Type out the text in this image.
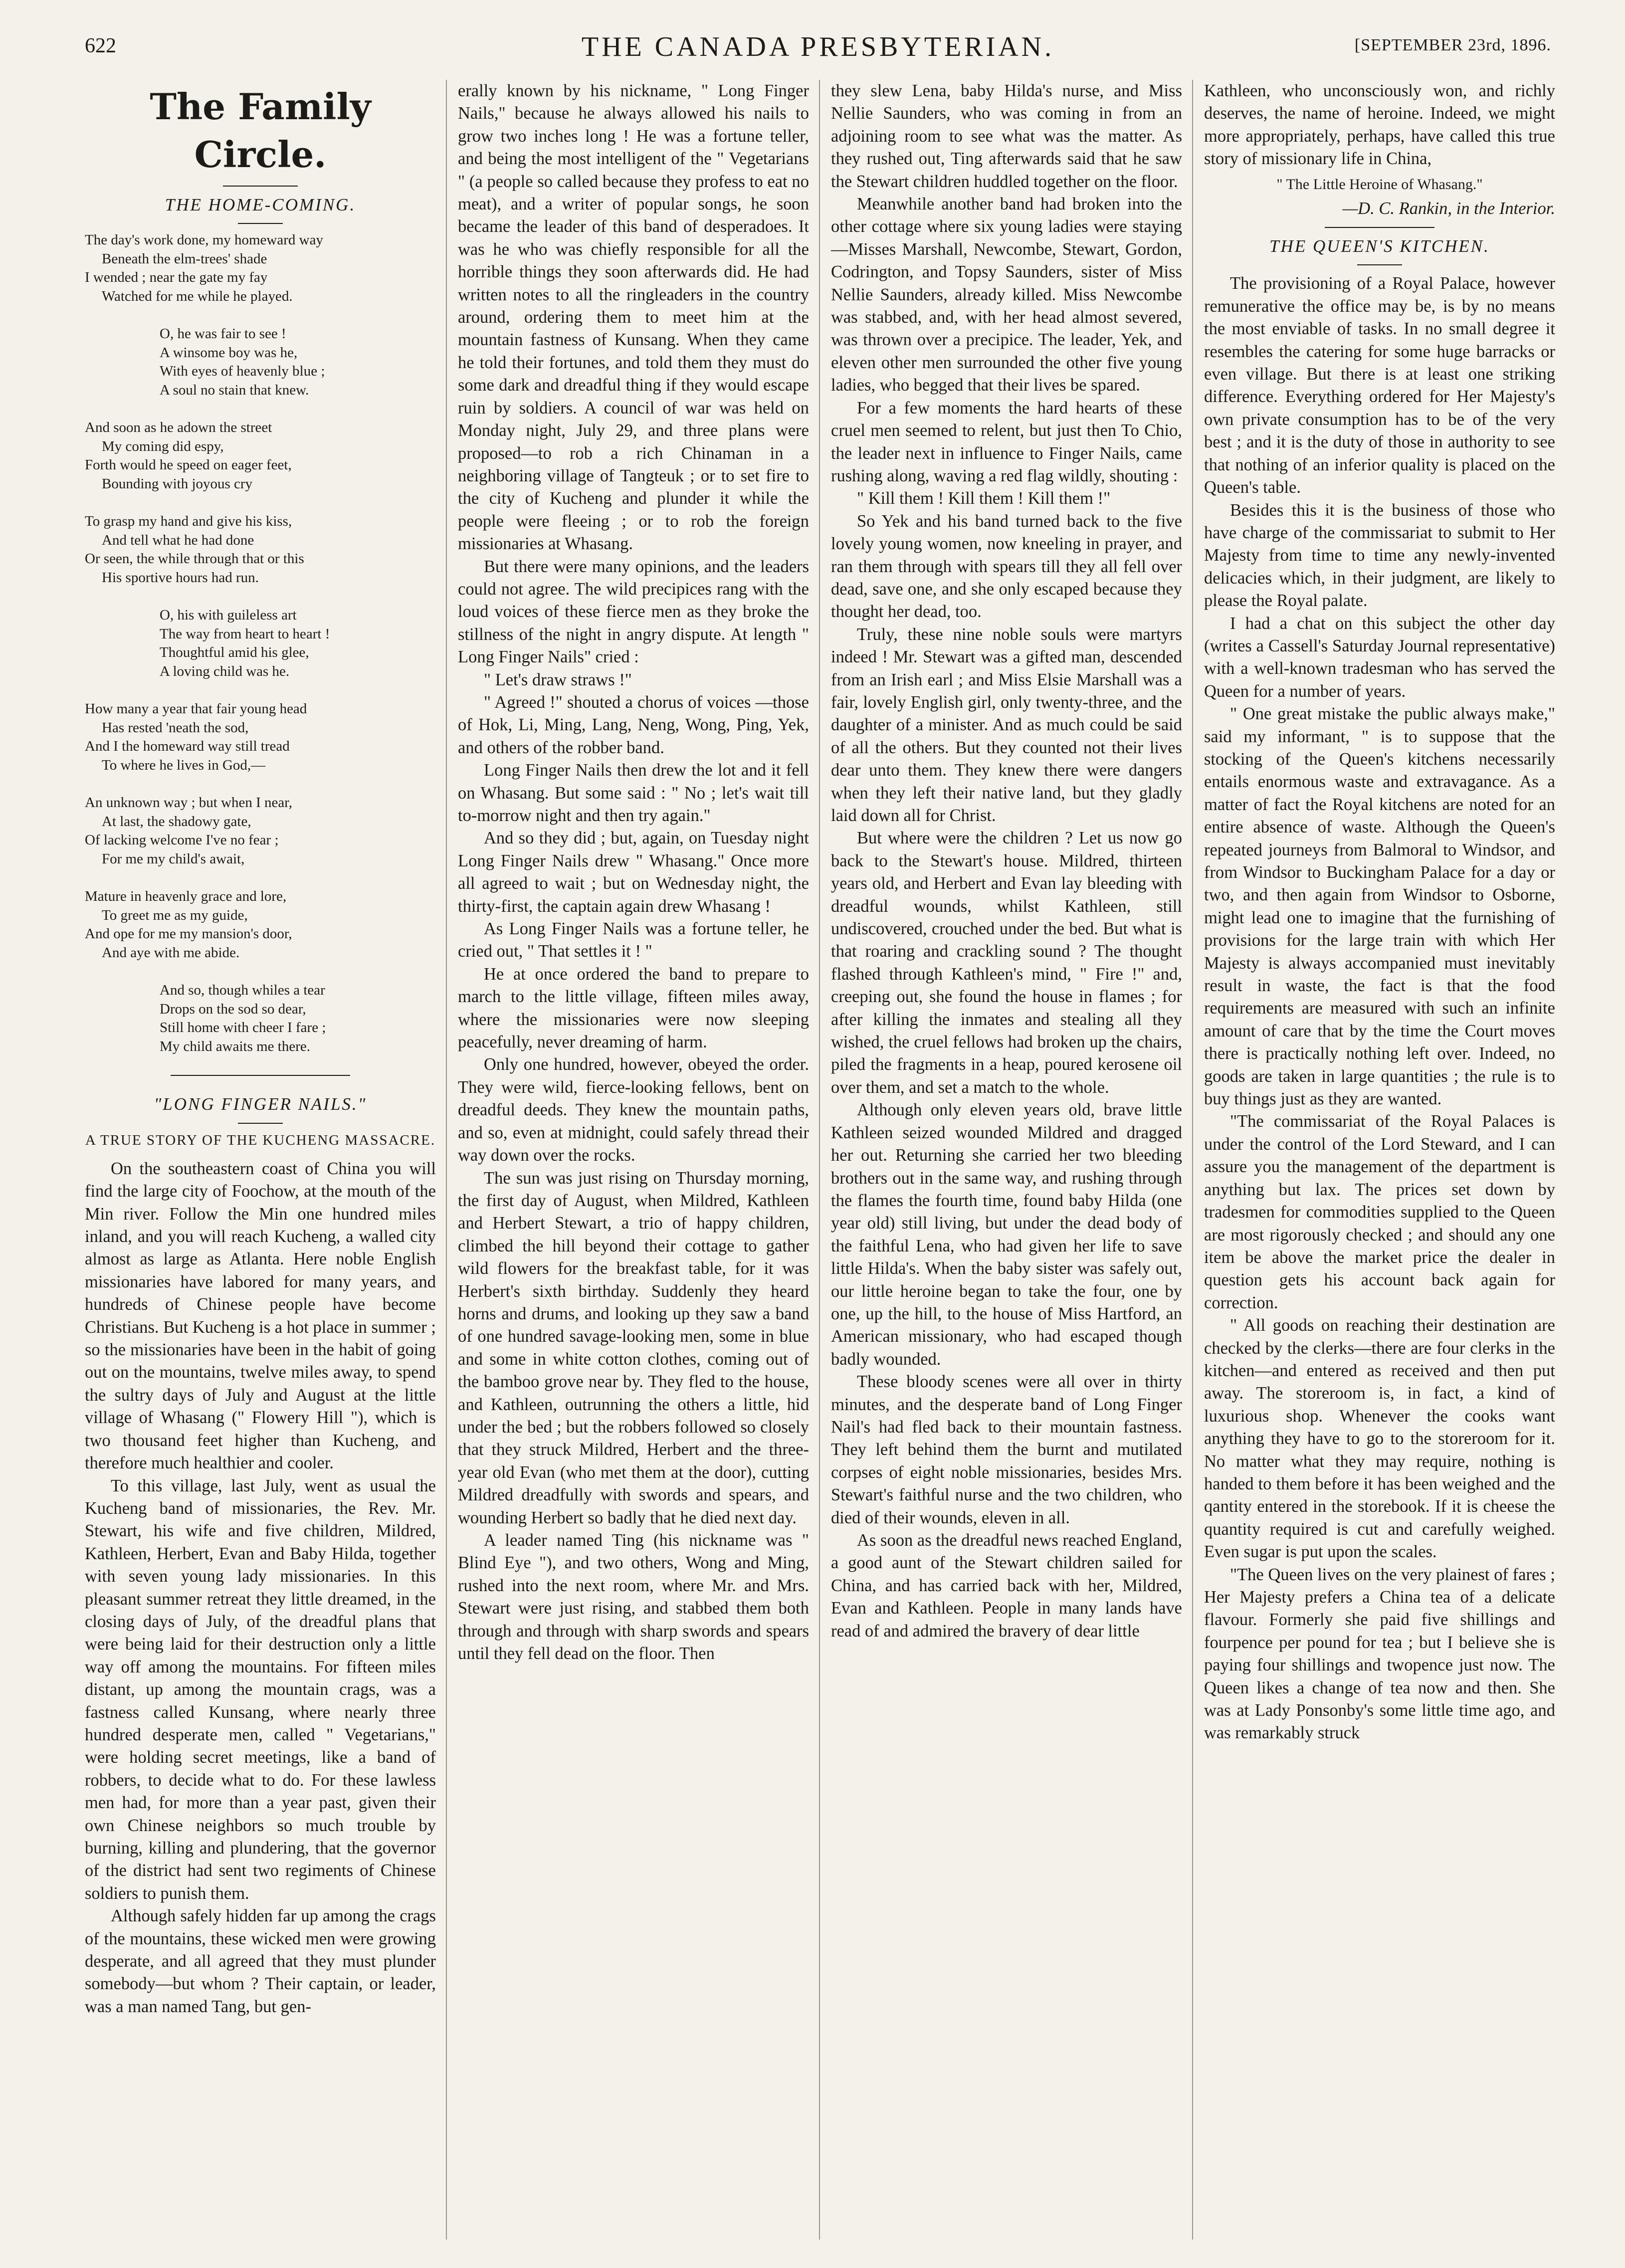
622	THE CANADA PRESBYTERIAN.	[SEPTEMBER 23rd, 1896.
The Family Circle.
THE HOME-COMING.
The day's work done, my homeward way
Beneath the elm-trees' shade
I wended ; near the gate my fay
Watched for me while he played.
O, he was fair to see !
A winsome boy was he,
With eyes of heavenly blue ;
A soul no stain that knew.
And soon as he adown the street
My coming did espy,
Forth would he speed on eager feet,
Bounding with joyous cry
To grasp my hand and give his kiss,
And tell what he had done
Or seen, the while through that or this
His sportive hours had run.
O, his with guileless art
The way from heart to heart !
Thoughtful amid his glee,
A loving child was he.
How many a year that fair young head
Has rested 'neath the sod,
And I the homeward way still tread
To where he lives in God,—
An unknown way ; but when I near,
At last, the shadowy gate,
Of lacking welcome I've no fear ;
For me my child's await,
Mature in heavenly grace and lore,
To greet me as my guide,
And ope for me my mansion's door,
And aye with me abide.
And so, though whiles a tear
Drops on the sod so dear,
Still home with cheer I fare ;
My child awaits me there.
"LONG FINGER NAILS."
A TRUE STORY OF THE KUCHENG MASSACRE.

On the southeastern coast of China you will find the large city of Foochow, at the mouth of the Min river. Follow the Min one hundred miles inland, and you will reach Kucheng, a walled city almost as large as Atlanta. Here noble English missionaries have labored for many years, and hundreds of Chinese people have become Christians. But Kucheng is a hot place in summer ; so the missionaries have been in the habit of going out on the mountains, twelve miles away, to spend the sultry days of July and August at the little village of Whasang (" Flowery Hill "), which is two thousand feet higher than Kucheng, and therefore much healthier and cooler.

To this village, last July, went as usual the Kucheng band of missionaries, the Rev. Mr. Stewart, his wife and five children, Mildred, Kathleen, Herbert, Evan and Baby Hilda, together with seven young lady missionaries. In this pleasant summer retreat they little dreamed, in the closing days of July, of the dreadful plans that were being laid for their destruction only a little way off among the mountains. For fifteen miles distant, up among the mountain crags, was a fastness called Kunsang, where nearly three hundred desperate men, called " Vegetarians," were holding secret meetings, like a band of robbers, to decide what to do. For these lawless men had, for more than a year past, given their own Chinese neighbors so much trouble by burning, killing and plundering, that the governor of the district had sent two regiments of Chinese soldiers to punish them.

Although safely hidden far up among the crags of the mountains, these wicked men were growing desperate, and all agreed that they must plunder somebody—but whom ? Their captain, or leader, was a man named Tang, but gen-

erally known by his nickname, " Long Finger Nails," because he always allowed his nails to grow two inches long ! He was a fortune teller, and being the most intelligent of the " Vegetarians " (a people so called because they profess to eat no meat), and a writer of popular songs, he soon became the leader of this band of desperadoes. It was he who was chiefly responsible for all the horrible things they soon afterwards did. He had written notes to all the ringleaders in the country around, ordering them to meet him at the mountain fastness of Kunsang. When they came he told their fortunes, and told them they must do some dark and dreadful thing if they would escape ruin by soldiers. A council of war was held on Monday night, July 29, and three plans were proposed—to rob a rich Chinaman in a neighboring village of Tangteuk ; or to set fire to the city of Kucheng and plunder it while the people were fleeing ; or to rob the foreign missionaries at Whasang.

But there were many opinions, and the leaders could not agree. The wild precipices rang with the loud voices of these fierce men as they broke the stillness of the night in angry dispute. At length " Long Finger Nails" cried :

" Let's draw straws !"

" Agreed !" shouted a chorus of voices —those of Hok, Li, Ming, Lang, Neng, Wong, Ping, Yek, and others of the robber band.

Long Finger Nails then drew the lot and it fell on Whasang. But some said : " No ; let's wait till to-morrow night and then try again."

And so they did ; but, again, on Tuesday night Long Finger Nails drew " Whasang." Once more all agreed to wait ; but on Wednesday night, the thirty-first, the captain again drew Whasang !

As Long Finger Nails was a fortune teller, he cried out, " That settles it ! "

He at once ordered the band to prepare to march to the little village, fifteen miles away, where the missionaries were now sleeping peacefully, never dreaming of harm.

Only one hundred, however, obeyed the order. They were wild, fierce-looking fellows, bent on dreadful deeds. They knew the mountain paths, and so, even at midnight, could safely thread their way down over the rocks.

The sun was just rising on Thursday morning, the first day of August, when Mildred, Kathleen and Herbert Stewart, a trio of happy children, climbed the hill beyond their cottage to gather wild flowers for the breakfast table, for it was Herbert's sixth birthday. Suddenly they heard horns and drums, and looking up they saw a band of one hundred savage-looking men, some in blue and some in white cotton clothes, coming out of the bamboo grove near by. They fled to the house, and Kathleen, outrunning the others a little, hid under the bed ; but the robbers followed so closely that they struck Mildred, Herbert and the three-year old Evan (who met them at the door), cutting Mildred dreadfully with swords and spears, and wounding Herbert so badly that he died next day.

A leader named Ting (his nickname was " Blind Eye "), and two others, Wong and Ming, rushed into the next room, where Mr. and Mrs. Stewart were just rising, and stabbed them both through and through with sharp swords and spears until they fell dead on the floor. Then

they slew Lena, baby Hilda's nurse, and Miss Nellie Saunders, who was coming in from an adjoining room to see what was the matter. As they rushed out, Ting afterwards said that he saw the Stewart children huddled together on the floor.

Meanwhile another band had broken into the other cottage where six young ladies were staying—Misses Marshall, Newcombe, Stewart, Gordon, Codrington, and Topsy Saunders, sister of Miss Nellie Saunders, already killed. Miss Newcombe was stabbed, and, with her head almost severed, was thrown over a precipice. The leader, Yek, and eleven other men surrounded the other five young ladies, who begged that their lives be spared.

For a few moments the hard hearts of these cruel men seemed to relent, but just then To Chio, the leader next in influence to Finger Nails, came rushing along, waving a red flag wildly, shouting :

" Kill them ! Kill them ! Kill them !"

So Yek and his band turned back to the five lovely young women, now kneeling in prayer, and ran them through with spears till they all fell over dead, save one, and she only escaped because they thought her dead, too.

Truly, these nine noble souls were martyrs indeed ! Mr. Stewart was a gifted man, descended from an Irish earl ; and Miss Elsie Marshall was a fair, lovely English girl, only twenty-three, and the daughter of a minister. And as much could be said of all the others. But they counted not their lives dear unto them. They knew there were dangers when they left their native land, but they gladly laid down all for Christ.

But where were the children ? Let us now go back to the Stewart's house. Mildred, thirteen years old, and Herbert and Evan lay bleeding with dreadful wounds, whilst Kathleen, still undiscovered, crouched under the bed. But what is that roaring and crackling sound ? The thought flashed through Kathleen's mind, " Fire !" and, creeping out, she found the house in flames ; for after killing the inmates and stealing all they wished, the cruel fellows had broken up the chairs, piled the fragments in a heap, poured kerosene oil over them, and set a match to the whole.

Although only eleven years old, brave little Kathleen seized wounded Mildred and dragged her out. Returning she carried her two bleeding brothers out in the same way, and rushing through the flames the fourth time, found baby Hilda (one year old) still living, but under the dead body of the faithful Lena, who had given her life to save little Hilda's. When the baby sister was safely out, our little heroine began to take the four, one by one, up the hill, to the house of Miss Hartford, an American missionary, who had escaped though badly wounded.

These bloody scenes were all over in thirty minutes, and the desperate band of Long Finger Nail's had fled back to their mountain fastness. They left behind them the burnt and mutilated corpses of eight noble missionaries, besides Mrs. Stewart's faithful nurse and the two children, who died of their wounds, eleven in all.

As soon as the dreadful news reached England, a good aunt of the Stewart children sailed for China, and has carried back with her, Mildred, Evan and Kathleen. People in many lands have read of and admired the bravery of dear little

Kathleen, who unconsciously won, and richly deserves, the name of heroine. Indeed, we might more appropriately, perhaps, have called this true story of missionary life in China,

" The Little Heroine of Whasang."
—D. C. Rankin, in the Interior.
THE QUEEN'S KITCHEN.

The provisioning of a Royal Palace, however remunerative the office may be, is by no means the most enviable of tasks. In no small degree it resembles the catering for some huge barracks or even village. But there is at least one striking difference. Everything ordered for Her Majesty's own private consumption has to be of the very best ; and it is the duty of those in authority to see that nothing of an inferior quality is placed on the Queen's table.

Besides this it is the business of those who have charge of the commissariat to submit to Her Majesty from time to time any newly-invented delicacies which, in their judgment, are likely to please the Royal palate.

I had a chat on this subject the other day (writes a Cassell's Saturday Journal representative) with a well-known tradesman who has served the Queen for a number of years.

" One great mistake the public always make," said my informant, " is to suppose that the stocking of the Queen's kitchens necessarily entails enormous waste and extravagance. As a matter of fact the Royal kitchens are noted for an entire absence of waste. Although the Queen's repeated journeys from Balmoral to Windsor, and from Windsor to Buckingham Palace for a day or two, and then again from Windsor to Osborne, might lead one to imagine that the furnishing of provisions for the large train with which Her Majesty is always accompanied must inevitably result in waste, the fact is that the food requirements are measured with such an infinite amount of care that by the time the Court moves there is practically nothing left over. Indeed, no goods are taken in large quantities ; the rule is to buy things just as they are wanted.

"The commissariat of the Royal Palaces is under the control of the Lord Steward, and I can assure you the management of the department is anything but lax. The prices set down by tradesmen for commodities supplied to the Queen are most rigorously checked ; and should any one item be above the market price the dealer in question gets his account back again for correction.

" All goods on reaching their destination are checked by the clerks—there are four clerks in the kitchen—and entered as received and then put away. The storeroom is, in fact, a kind of luxurious shop. Whenever the cooks want anything they have to go to the storeroom for it. No matter what they may require, nothing is handed to them before it has been weighed and the qantity entered in the storebook. If it is cheese the quantity required is cut and carefully weighed. Even sugar is put upon the scales.

"The Queen lives on the very plainest of fares ; Her Majesty prefers a China tea of a delicate flavour. Formerly she paid five shillings and fourpence per pound for tea ; but I believe she is paying four shillings and twopence just now. The Queen likes a change of tea now and then. She was at Lady Ponsonby's some little time ago, and was remarkably struck
